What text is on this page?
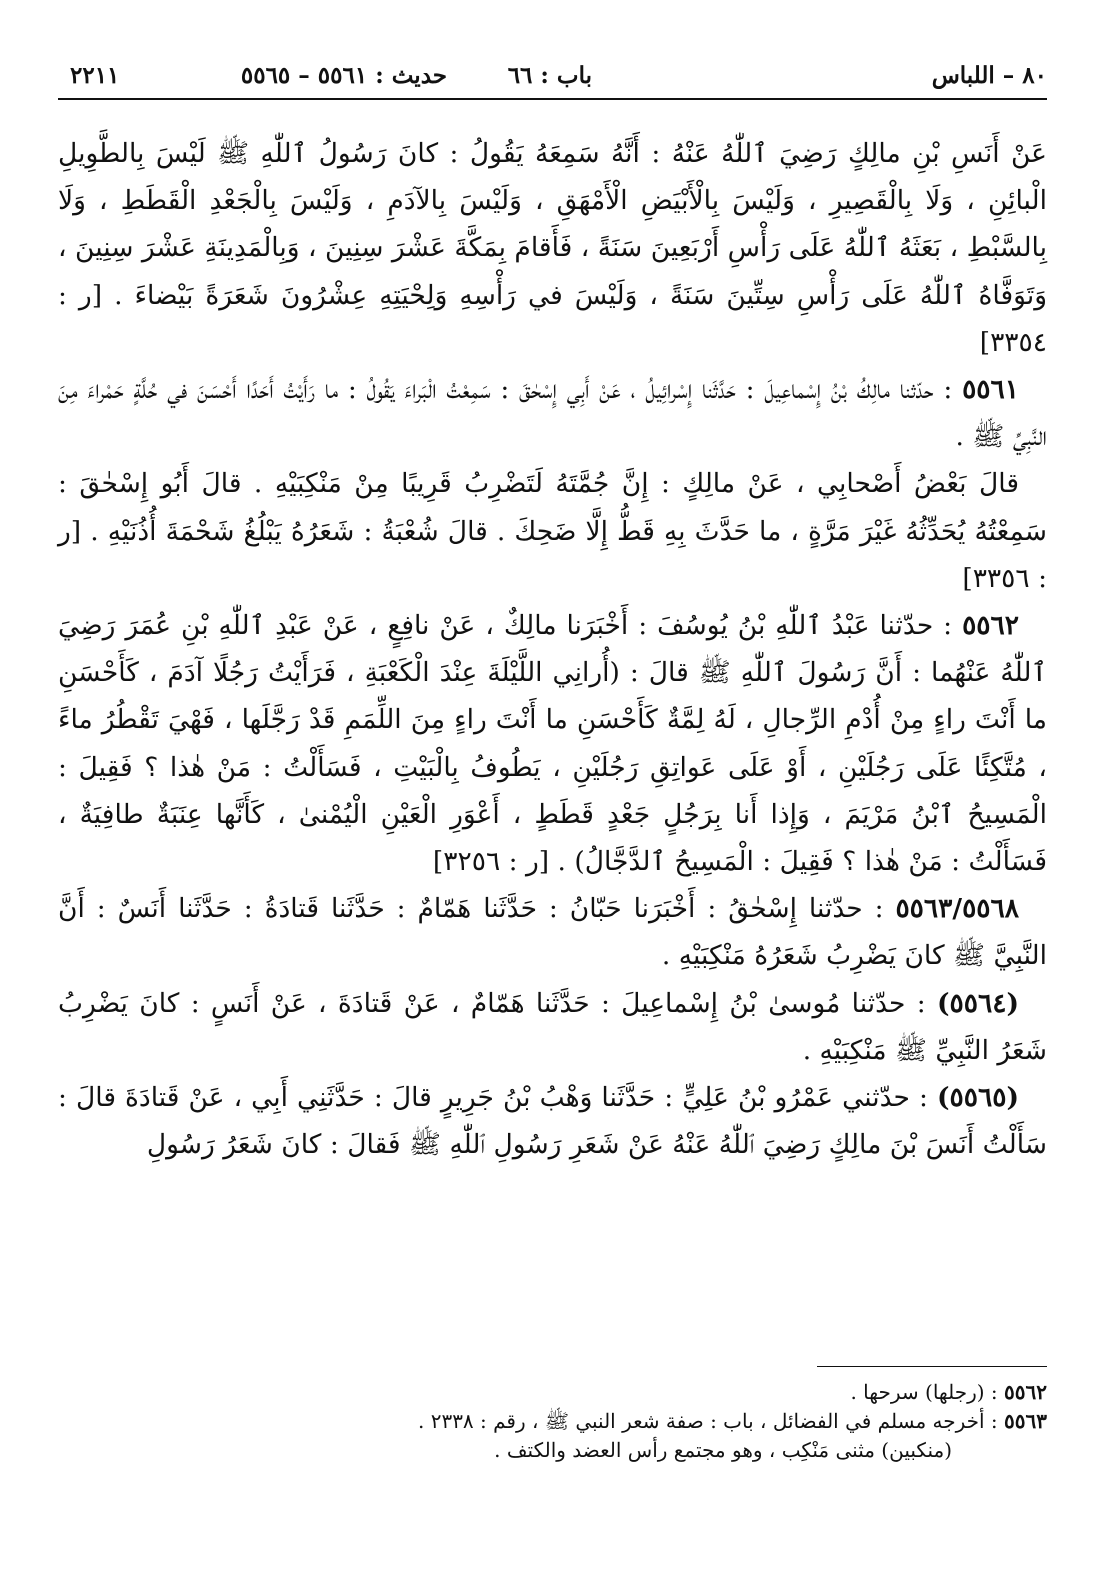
٨٠ – اللباس
باب : ٦٦
حديث : ٥٥٦١ – ٥٥٦٥
٢٢١١

عَنْ أَنَسِ بْنِ مالِكٍ رَضِيَ ٱللّٰهُ عَنْهُ : أَنَّهُ سَمِعَهُ يَقُولُ : كانَ رَسُولُ ٱللّٰهِ ﷺ لَيْسَ بِالطَّوِيلِ الْبائِنِ ، وَلَا بِالْقَصِيرِ ، وَلَيْسَ بِالْأَبْيَضِ الْأَمْهَقِ ، وَلَيْسَ بِالآدَمِ ، وَلَيْسَ بِالْجَعْدِ الْقَطَطِ ، وَلَا بِالسَّبْطِ ، بَعَثَهُ ٱللّٰهُ عَلَى رَأْسِ أَرْبَعِينَ سَنَةً ، فَأَقامَ بِمَكَّةَ عَشْرَ سِنِينَ ، وَبِالْمَدِينَةِ عَشْرَ سِنِينَ ، وَتَوَفَّاهُ ٱللّٰهُ عَلَى رَأْسِ سِتِّينَ سَنَةً ، وَلَيْسَ في رَأْسِهِ وَلِحْيَتِهِ عِشْرُونَ شَعَرَةً بَيْضاءَ . [ر : ٣٣٥٤]

٥٥٦١ : حدّثنا مالِكُ بْنُ إِسْماعِيلَ : حَدَّثَنا إِسْرائِيلُ ، عَنْ أَبِي إِسْحٰقَ : سَمِعْتُ الْبَراءَ يَقُولُ : ما رَأَيْتُ أَحَدًا أَحْسَنَ في حُلَّةٍ حَمْراءَ مِنَ النَّبِيِّ ﷺ .

قالَ بَعْضُ أَصْحابِي ، عَنْ مالِكٍ : إِنَّ جُمَّتَهُ لَتَضْرِبُ قَرِيبًا مِنْ مَنْكِبَيْهِ . قالَ أَبُو إِسْحٰقَ : سَمِعْتُهُ يُحَدِّثُهُ غَيْرَ مَرَّةٍ ، ما حَدَّثَ بِهِ قَطُّ إِلَّا ضَحِكَ . قالَ شُعْبَةُ : شَعَرُهُ يَبْلُغُ شَحْمَةَ أُذُنَيْهِ . [ر : ٣٣٥٦]

٥٥٦٢ : حدّثنا عَبْدُ ٱللّٰهِ بْنُ يُوسُفَ : أَخْبَرَنا مالِكٌ ، عَنْ نافِعٍ ، عَنْ عَبْدِ ٱللّٰهِ بْنِ عُمَرَ رَضِيَ ٱللّٰهُ عَنْهُما : أَنَّ رَسُولَ ٱللّٰهِ ﷺ قالَ : (أُرانِي اللَّيْلَةَ عِنْدَ الْكَعْبَةِ ، فَرَأَيْتُ رَجُلًا آدَمَ ، كَأَحْسَنِ ما أَنْتَ راءٍ مِنْ أُدْمِ الرِّجالِ ، لَهُ لِمَّةٌ كَأَحْسَنِ ما أَنْتَ راءٍ مِنَ اللِّمَمِ قَدْ رَجَّلَها ، فَهْيَ تَقْطُرُ ماءً ، مُتَّكِئًا عَلَى رَجُلَيْنِ ، أَوْ عَلَى عَواتِقِ رَجُلَيْنِ ، يَطُوفُ بِالْبَيْتِ ، فَسَأَلْتُ : مَنْ هٰذا ؟ فَقِيلَ : الْمَسِيحُ ٱبْنُ مَرْيَمَ ، وَإِذا أَنا بِرَجُلٍ جَعْدٍ قَطَطٍ ، أَعْوَرِ الْعَيْنِ الْيُمْنىٰ ، كَأَنَّها عِنَبَةٌ طافِيَةٌ ، فَسَأَلْتُ : مَنْ هٰذا ؟ فَقِيلَ : الْمَسِيحُ ٱلدَّجَّالُ) . [ر : ٣٢٥٦]

٥٥٦٣/٥٥٦٨ : حدّثنا إِسْحٰقُ : أَخْبَرَنا حَبّانُ : حَدَّثَنا هَمّامٌ : حَدَّثَنا قَتادَةُ : حَدَّثَنا أَنَسٌ : أَنَّ النَّبِيَّ ﷺ كانَ يَضْرِبُ شَعَرُهُ مَنْكِبَيْهِ .

(٥٥٦٤) : حدّثنا مُوسىٰ بْنُ إِسْماعِيلَ : حَدَّثَنا هَمّامٌ ، عَنْ قَتادَةَ ، عَنْ أَنَسٍ : كانَ يَضْرِبُ شَعَرُ النَّبِيِّ ﷺ مَنْكِبَيْهِ .

(٥٥٦٥) : حدّثني عَمْرُو بْنُ عَلِيٍّ : حَدَّثَنا وَهْبُ بْنُ جَرِيرٍ قالَ : حَدَّثَنِي أَبِي ، عَنْ قَتادَةَ قالَ : سَأَلْتُ أَنَسَ بْنَ مالِكٍ رَضِيَ ٱللّٰهُ عَنْهُ عَنْ شَعَرِ رَسُولِ ٱللّٰهِ ﷺ فَقالَ : كانَ شَعَرُ رَسُولِ

٥٥٦٢ : (رجلها) سرحها .

٥٥٦٣ : أخرجه مسلم في الفضائل ، باب : صفة شعر النبي ﷺ ، رقم : ٢٣٣٨ .

(منكبين) مثنى مَنْكِب ، وهو مجتمع رأس العضد والكتف .
